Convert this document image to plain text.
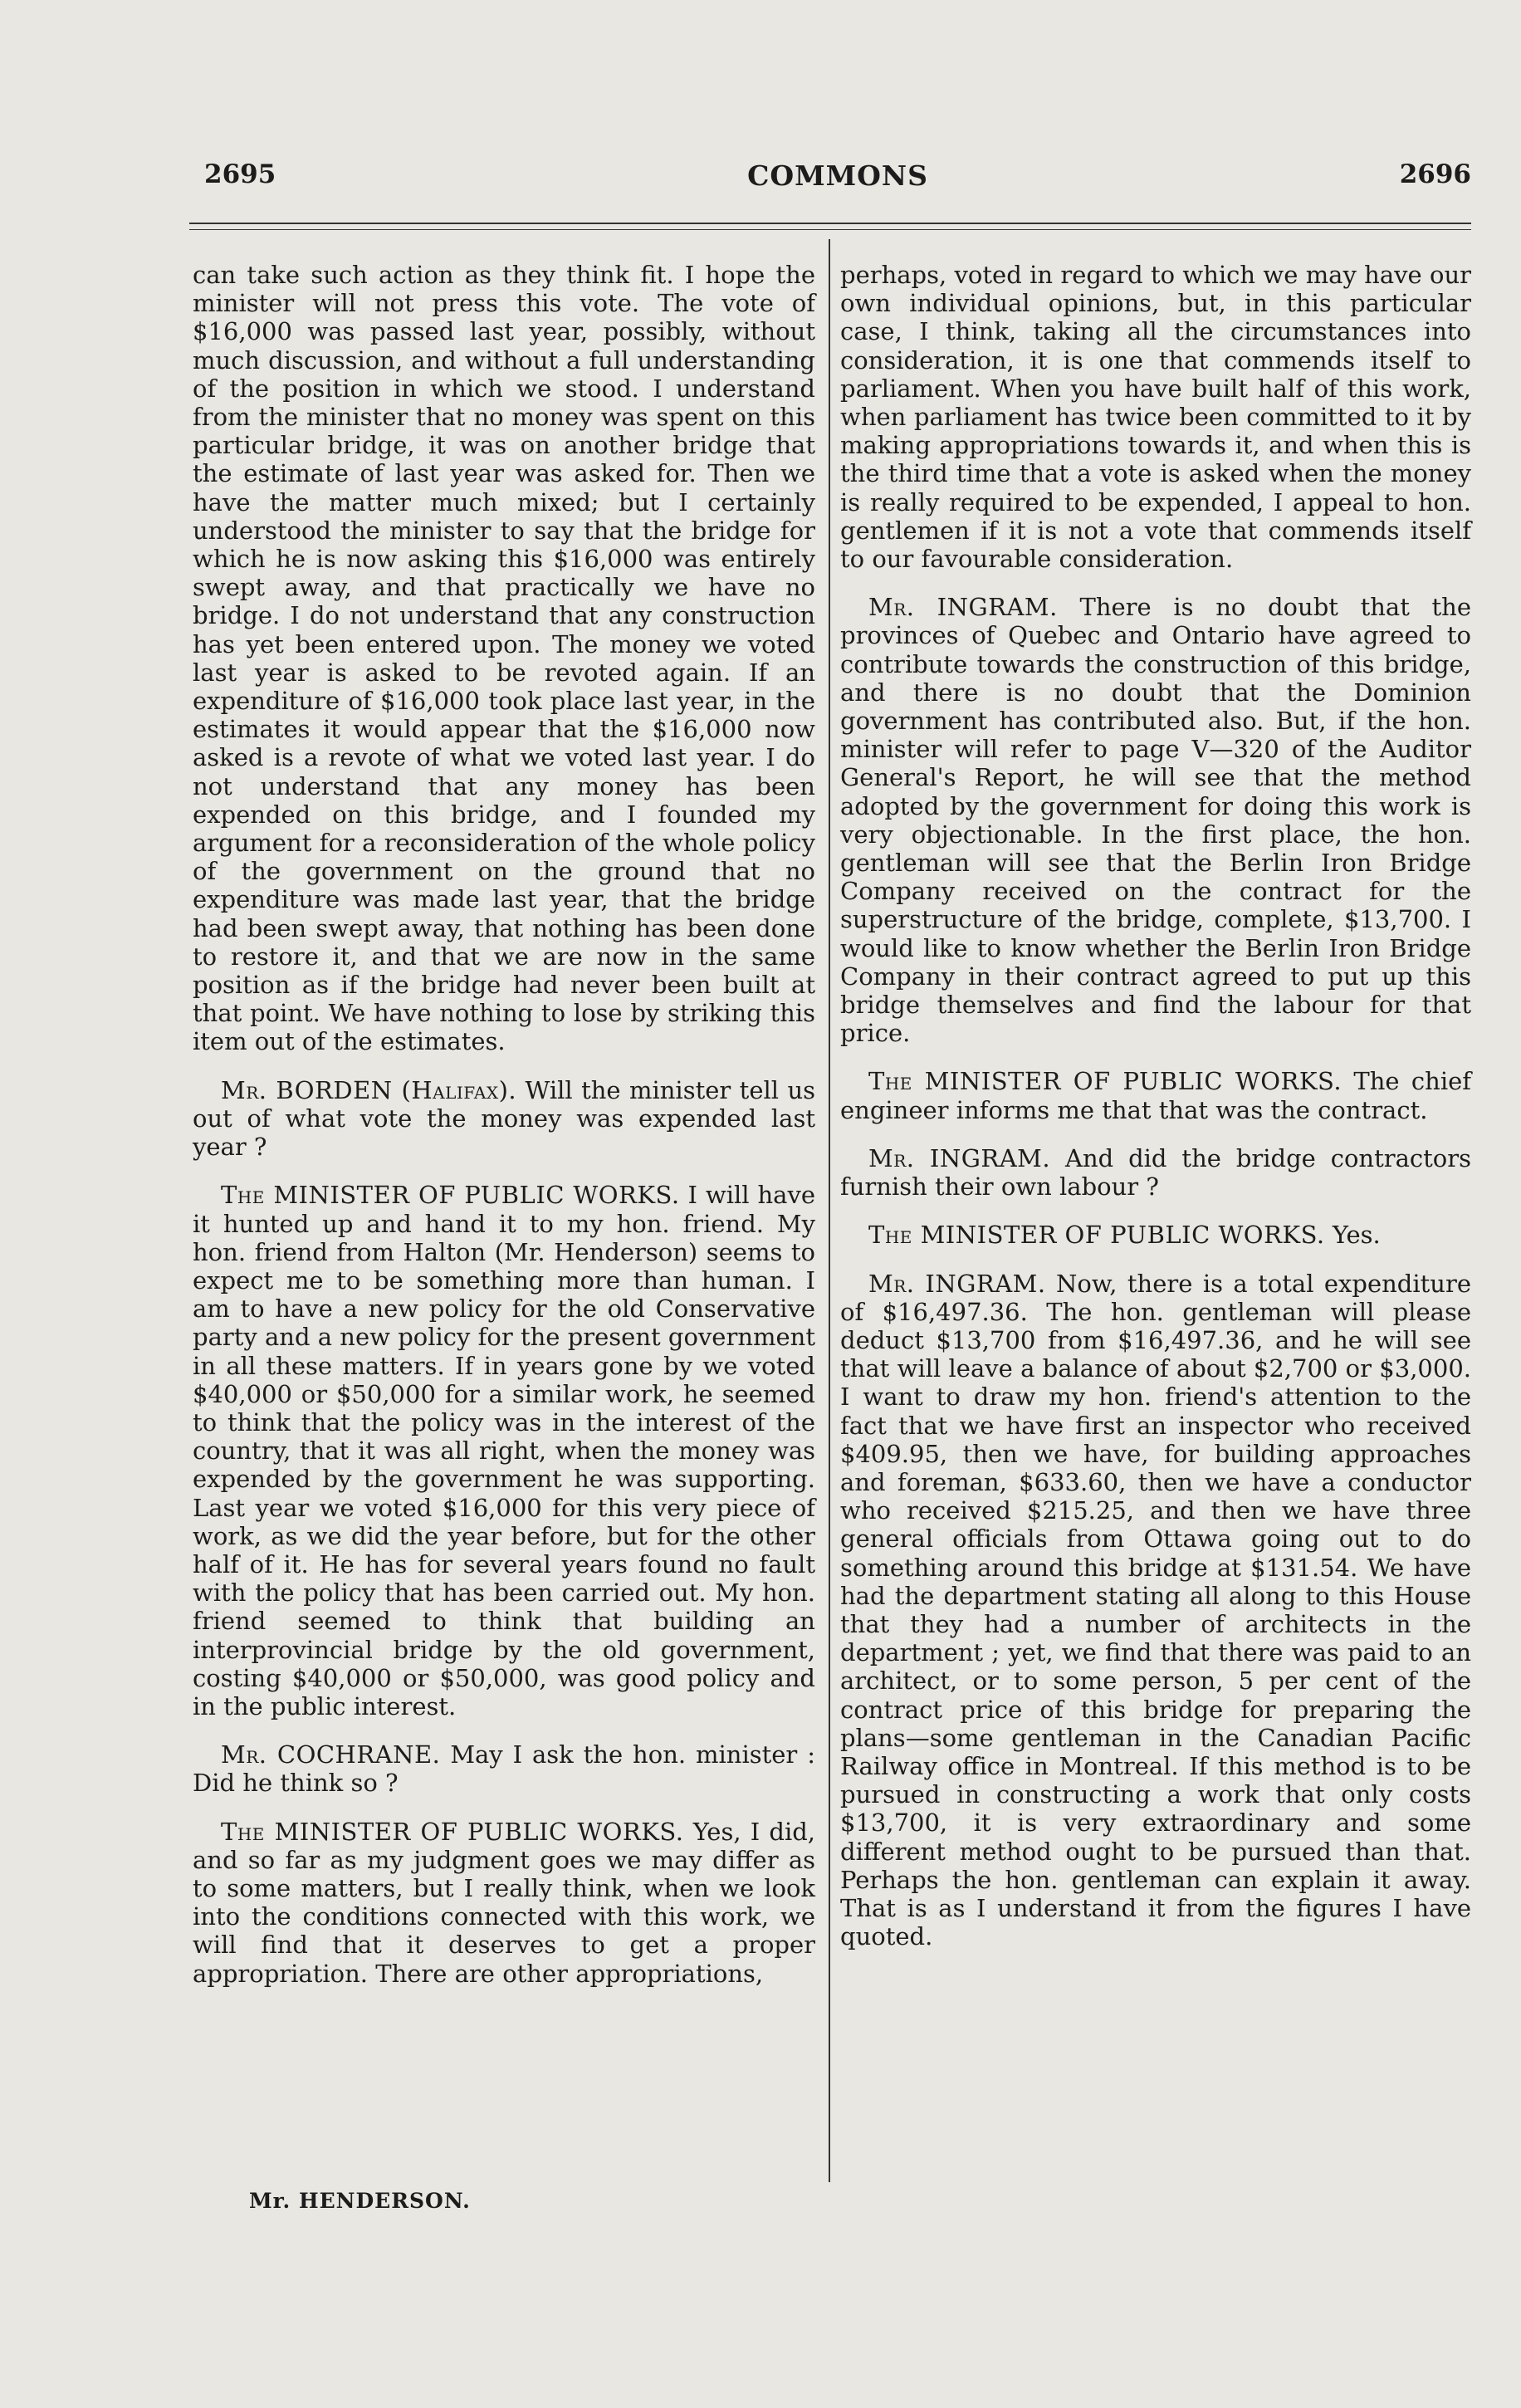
2695	COMMONS	2696

can take such action as they think fit. I hope the minister will not press this vote. The vote of $16,000 was passed last year, possibly, without much discussion, and without a full understanding of the position in which we stood. I understand from the minister that no money was spent on this particular bridge, it was on another bridge that the estimate of last year was asked for. Then we have the matter much mixed; but I certainly understood the minister to say that the bridge for which he is now asking this $16,000 was entirely swept away, and that practically we have no bridge. I do not understand that any construction has yet been entered upon. The money we voted last year is asked to be revoted again. If an expenditure of $16,000 took place last year, in the estimates it would appear that the $16,000 now asked is a revote of what we voted last year. I do not understand that any money has been expended on this bridge, and I founded my argument for a reconsideration of the whole policy of the government on the ground that no expenditure was made last year, that the bridge had been swept away, that nothing has been done to restore it, and that we are now in the same position as if the bridge had never been built at that point. We have nothing to lose by striking this item out of the estimates.

Mr. BORDEN (Halifax). Will the minister tell us out of what vote the money was expended last year ?

The MINISTER OF PUBLIC WORKS. I will have it hunted up and hand it to my hon. friend. My hon. friend from Halton (Mr. Henderson) seems to expect me to be something more than human. I am to have a new policy for the old Conservative party and a new policy for the present government in all these matters. If in years gone by we voted $40,000 or $50,000 for a similar work, he seemed to think that the policy was in the interest of the country, that it was all right, when the money was expended by the government he was supporting. Last year we voted $16,000 for this very piece of work, as we did the year before, but for the other half of it. He has for several years found no fault with the policy that has been carried out. My hon. friend seemed to think that building an interprovincial bridge by the old government, costing $40,000 or $50,000, was good policy and in the public interest.

Mr. COCHRANE. May I ask the hon. minister : Did he think so ?

The MINISTER OF PUBLIC WORKS. Yes, I did, and so far as my judgment goes we may differ as to some matters, but I really think, when we look into the conditions connected with this work, we will find that it deserves to get a proper appropriation. There are other appropriations,

perhaps, voted in regard to which we may have our own individual opinions, but, in this particular case, I think, taking all the circumstances into consideration, it is one that commends itself to parliament. When you have built half of this work, when parliament has twice been committed to it by making appropriations towards it, and when this is the third time that a vote is asked when the money is really required to be expended, I appeal to hon. gentlemen if it is not a vote that commends itself to our favourable consideration.

Mr. INGRAM. There is no doubt that the provinces of Quebec and Ontario have agreed to contribute towards the construction of this bridge, and there is no doubt that the Dominion government has contributed also. But, if the hon. minister will refer to page V—320 of the Auditor General's Report, he will see that the method adopted by the government for doing this work is very objectionable. In the first place, the hon. gentleman will see that the Berlin Iron Bridge Company received on the contract for the superstructure of the bridge, complete, $13,700. I would like to know whether the Berlin Iron Bridge Company in their contract agreed to put up this bridge themselves and find the labour for that price.

The MINISTER OF PUBLIC WORKS. The chief engineer informs me that that was the contract.

Mr. INGRAM. And did the bridge contractors furnish their own labour ?

The MINISTER OF PUBLIC WORKS. Yes.

Mr. INGRAM. Now, there is a total expenditure of $16,497.36. The hon. gentleman will please deduct $13,700 from $16,497.36, and he will see that will leave a balance of about $2,700 or $3,000. I want to draw my hon. friend's attention to the fact that we have first an inspector who received $409.95, then we have, for building approaches and foreman, $633.60, then we have a conductor who received $215.25, and then we have three general officials from Ottawa going out to do something around this bridge at $131.54. We have had the department stating all along to this House that they had a number of architects in the department ; yet, we find that there was paid to an architect, or to some person, 5 per cent of the contract price of this bridge for preparing the plans—some gentleman in the Canadian Pacific Railway office in Montreal. If this method is to be pursued in constructing a work that only costs $13,700, it is very extraordinary and some different method ought to be pursued than that. Perhaps the hon. gentleman can explain it away. That is as I understand it from the figures I have quoted.

Mr. HENDERSON.
